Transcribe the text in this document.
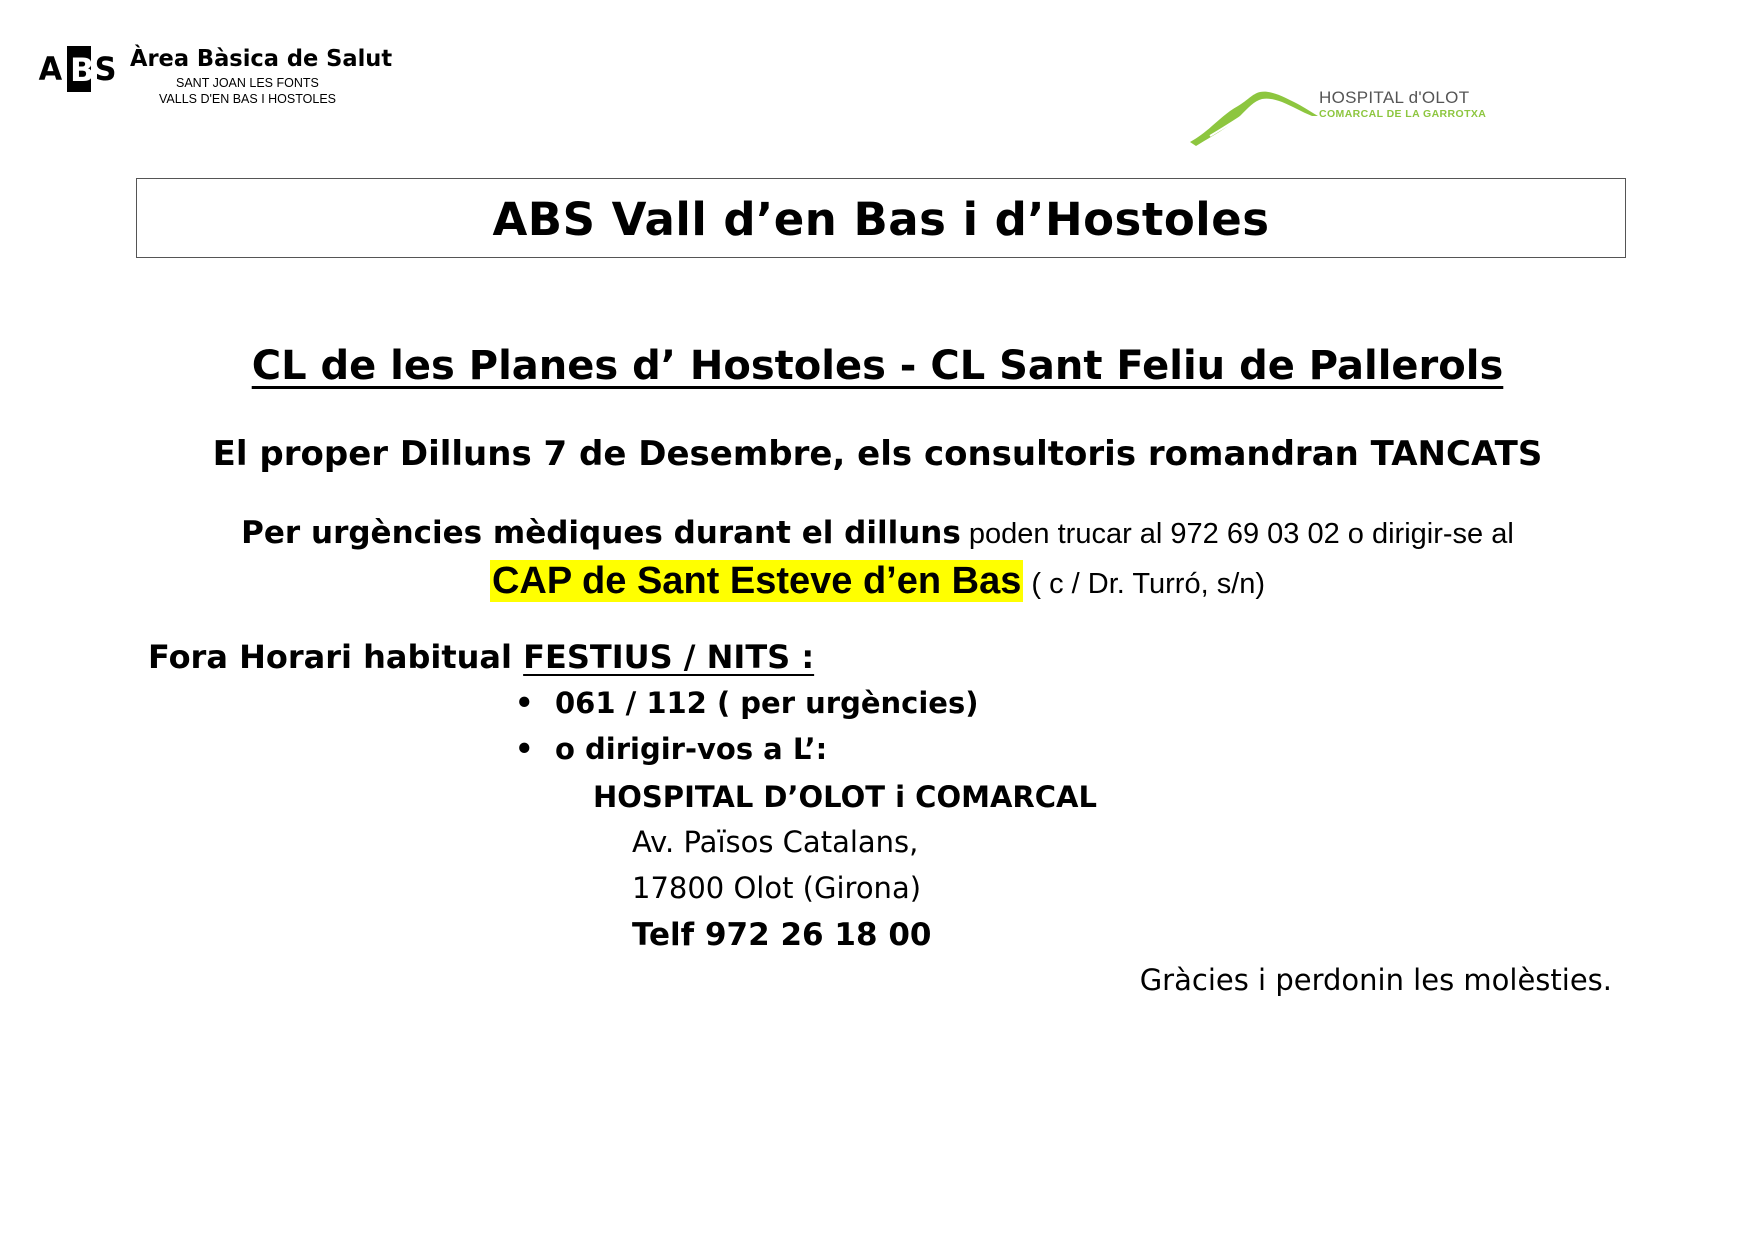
A B S Àrea Bàsica de Salut
SANT JOAN LES FONTS
VALLS D'EN BAS I HOSTOLES	HOSPITAL d'OLOT
COMARCAL DE LA GARROTXA
ABS Vall d’en Bas i d’Hostoles
CL de les Planes d’ Hostoles - CL Sant Feliu de Pallerols
El proper Dilluns 7 de Desembre, els consultoris romandran TANCATS
Per urgències mèdiques durant el dilluns poden trucar al 972 69 03 02 o dirigir-se al
CAP de Sant Esteve d’en Bas ( c / Dr. Turró, s/n)
Fora Horari habitual FESTIUS / NITS :
• 061 / 112 ( per urgències)
• o dirigir-vos a L’:
HOSPITAL D’OLOT i COMARCAL
Av. Països Catalans,
17800 Olot (Girona)
Telf 972 26 18 00
Gràcies i perdonin les molèsties.
